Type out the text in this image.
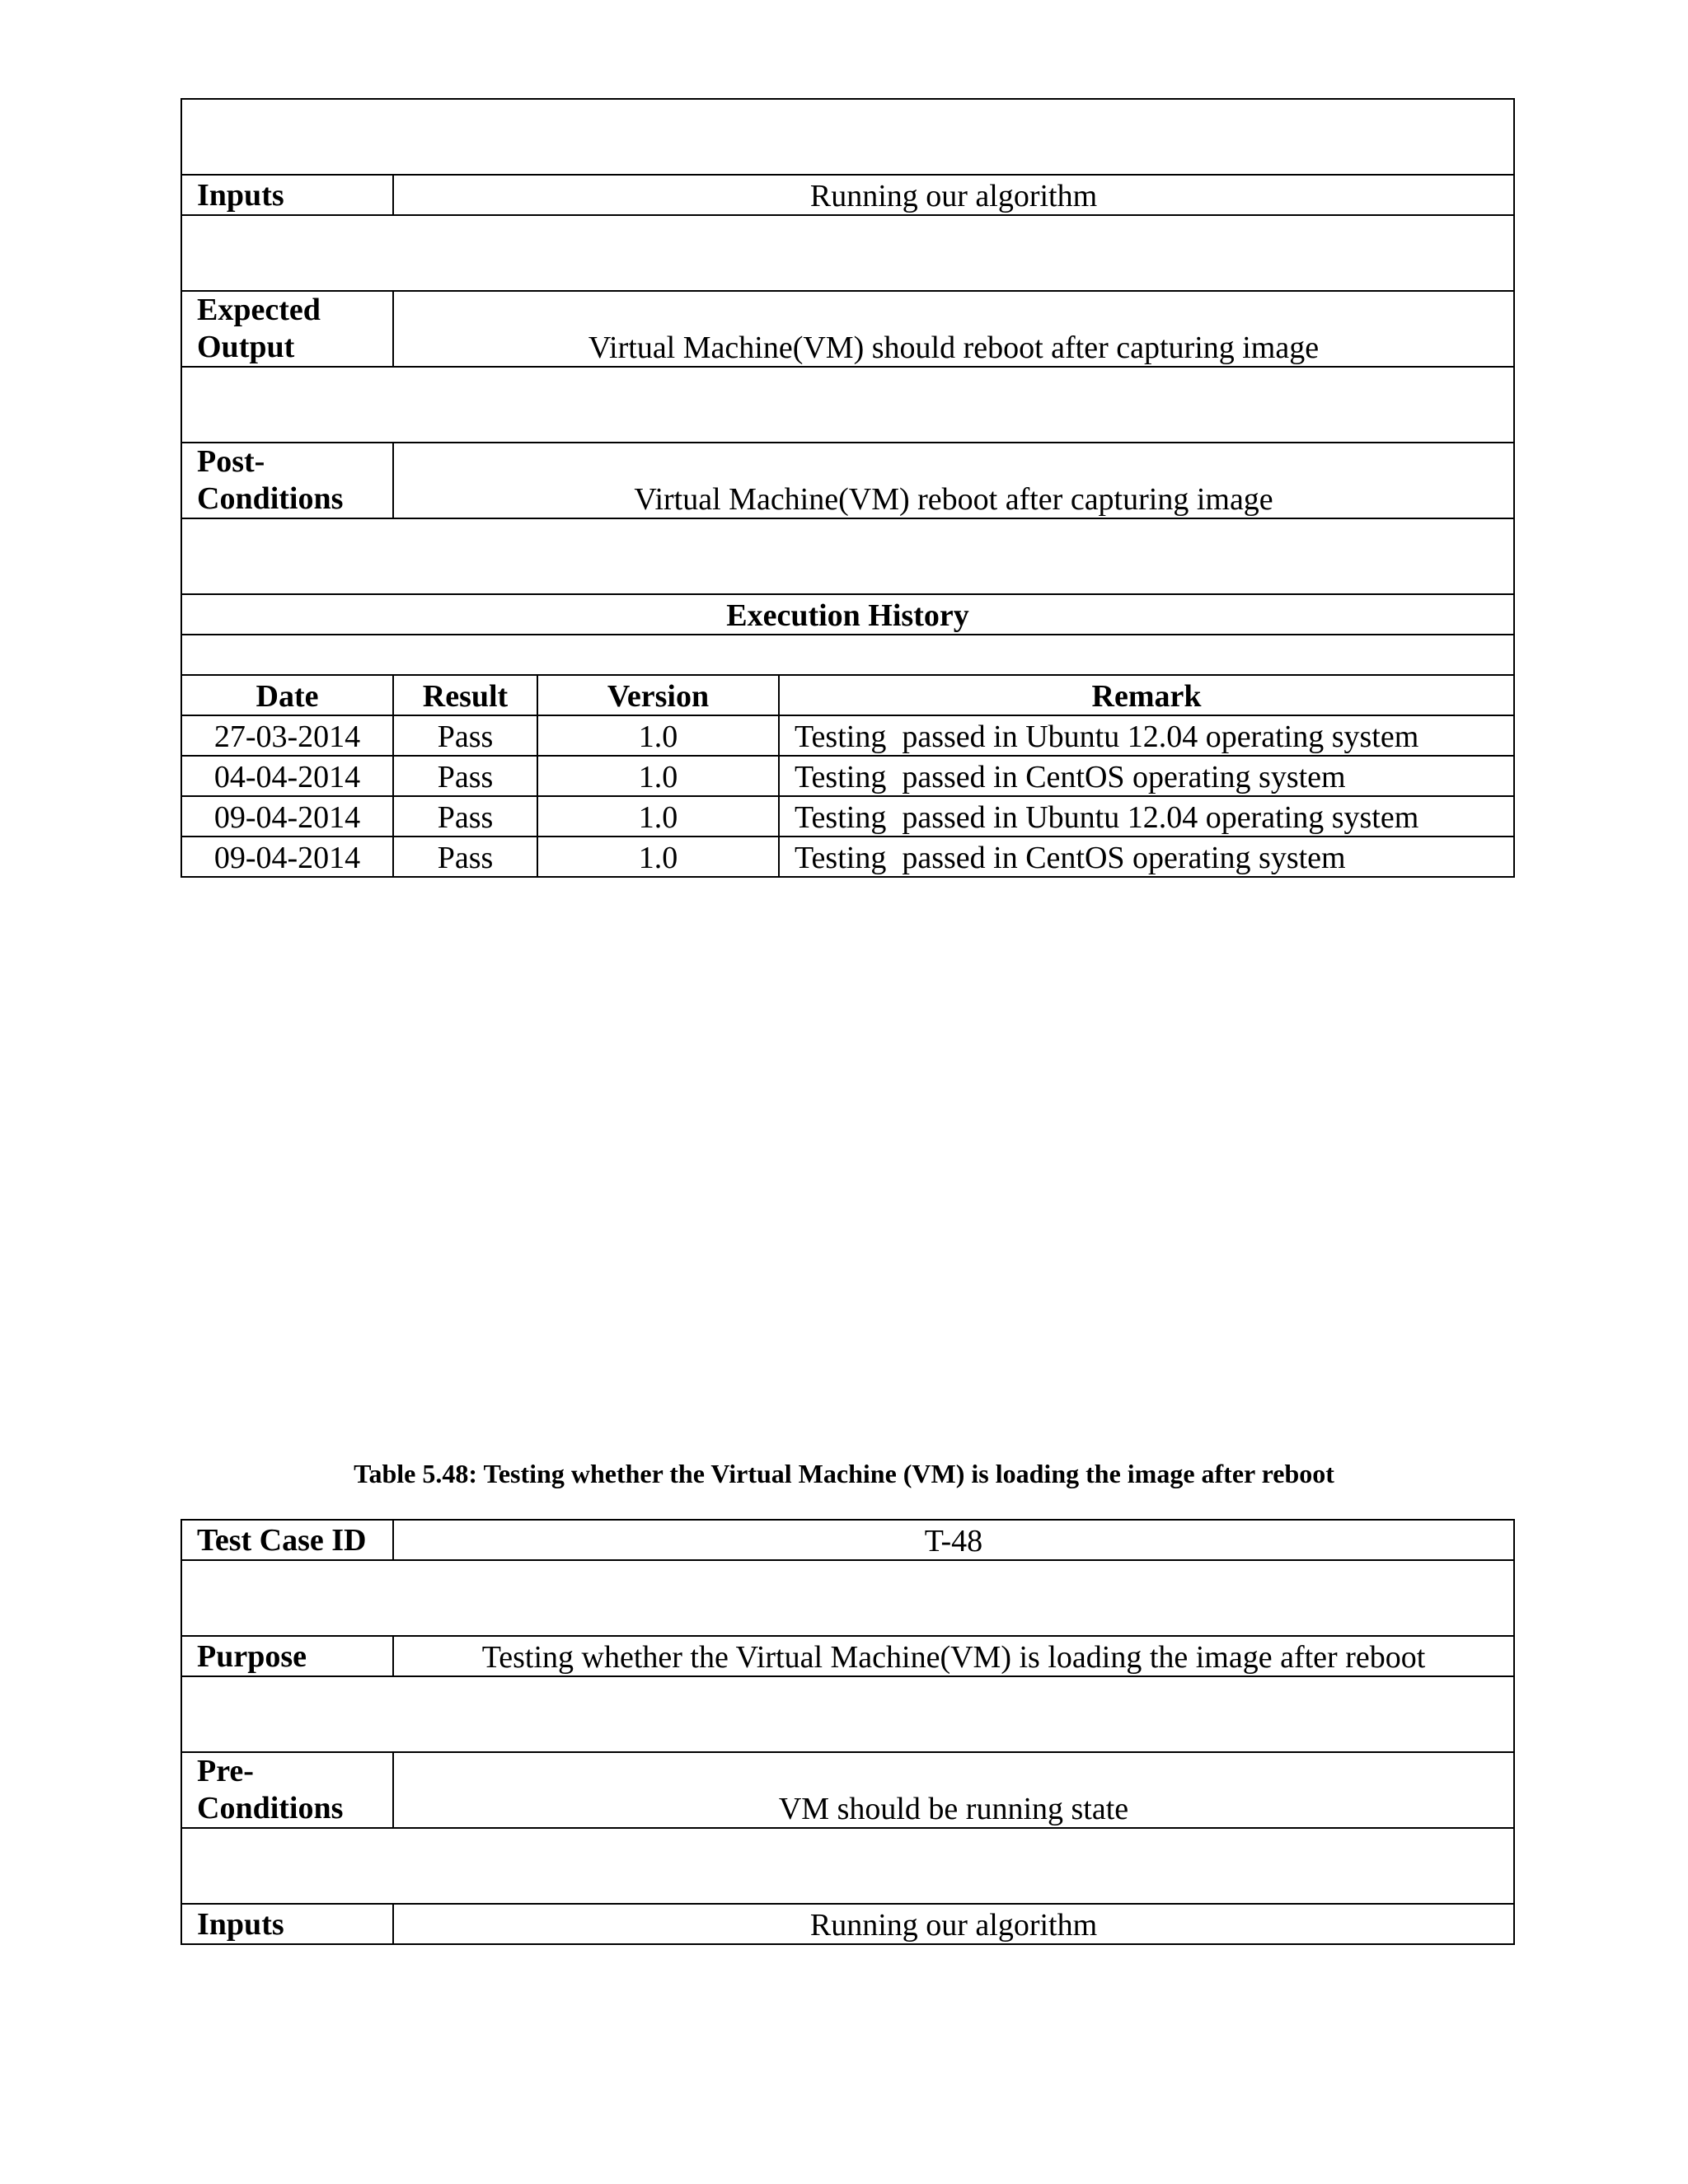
Inputs	Running our algorithm		

Expected
Output	Virtual Machine(VM) should reboot after capturing image		

Post-
Conditions	Virtual Machine(VM) reboot after capturing image		

Execution History			

Date	Result	Version	Remark
27-03-2014	Pass	1.0	Testing  passed in Ubuntu 12.04 operating system
04-04-2014	Pass	1.0	Testing  passed in CentOS operating system
09-04-2014	Pass	1.0	Testing  passed in Ubuntu 12.04 operating system
09-04-2014	Pass	1.0	Testing  passed in CentOS operating system
Table 5.48: Testing whether the Virtual Machine (VM) is loading the image after reboot
Test Case ID	T-48

Purpose	Testing whether the Virtual Machine(VM) is loading the image after reboot

Pre-
Conditions	VM should be running state

Inputs	Running our algorithm
